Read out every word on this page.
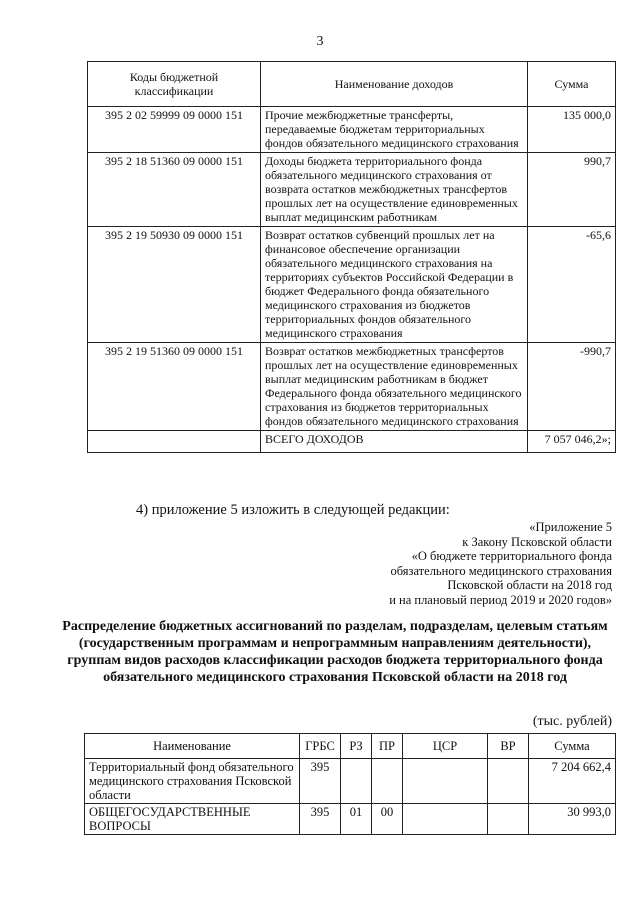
3
Коды бюджетной классификации	Наименование доходов	Сумма
395 2 02 59999 09 0000 151	Прочие межбюджетные трансферты, передаваемые бюджетам территориальных фондов обязательного медицинского страхования	135 000,0
395 2 18 51360 09 0000 151	Доходы бюджета территориального фонда обязательного медицинского страхования от возврата остатков межбюджетных трансфертов прошлых лет на осуществление единовременных выплат медицинским работникам	990,7
395 2 19 50930 09 0000 151	Возврат остатков субвенций прошлых лет на финансовое обеспечение организации обязательного медицинского страхования на территориях субъектов Российской Федерации в бюджет Федерального фонда обязательного медицинского страхования из бюджетов территориальных фондов обязательного медицинского страхования	-65,6
395 2 19 51360 09 0000 151	Возврат остатков межбюджетных трансфертов прошлых лет на осуществление единовременных выплат медицинским работникам в бюджет Федерального фонда обязательного медицинского страхования из бюджетов территориальных фондов обязательного медицинского страхования	-990,7
	ВСЕГО ДОХОДОВ	7 057 046,2»;
4) приложение 5 изложить в следующей редакции:
«Приложение 5
к Закону Псковской области
«О бюджете территориального фонда
обязательного медицинского страхования
Псковской области на 2018 год
и на плановый период 2019 и 2020 годов»
Распределение бюджетных ассигнований по разделам, подразделам, целевым статьям (государственным программам и непрограммным направлениям деятельности), группам видов расходов классификации расходов бюджета территориального фонда обязательного медицинского страхования Псковской области на 2018 год
(тыс. рублей)
Наименование	ГРБС	РЗ	ПР	ЦСР	ВР	Сумма
Территориальный фонд обязательного медицинского страхования Псковской области	395					7 204 662,4
ОБЩЕГОСУДАРСТВЕННЫЕ ВОПРОСЫ	395	01	00			30 993,0
